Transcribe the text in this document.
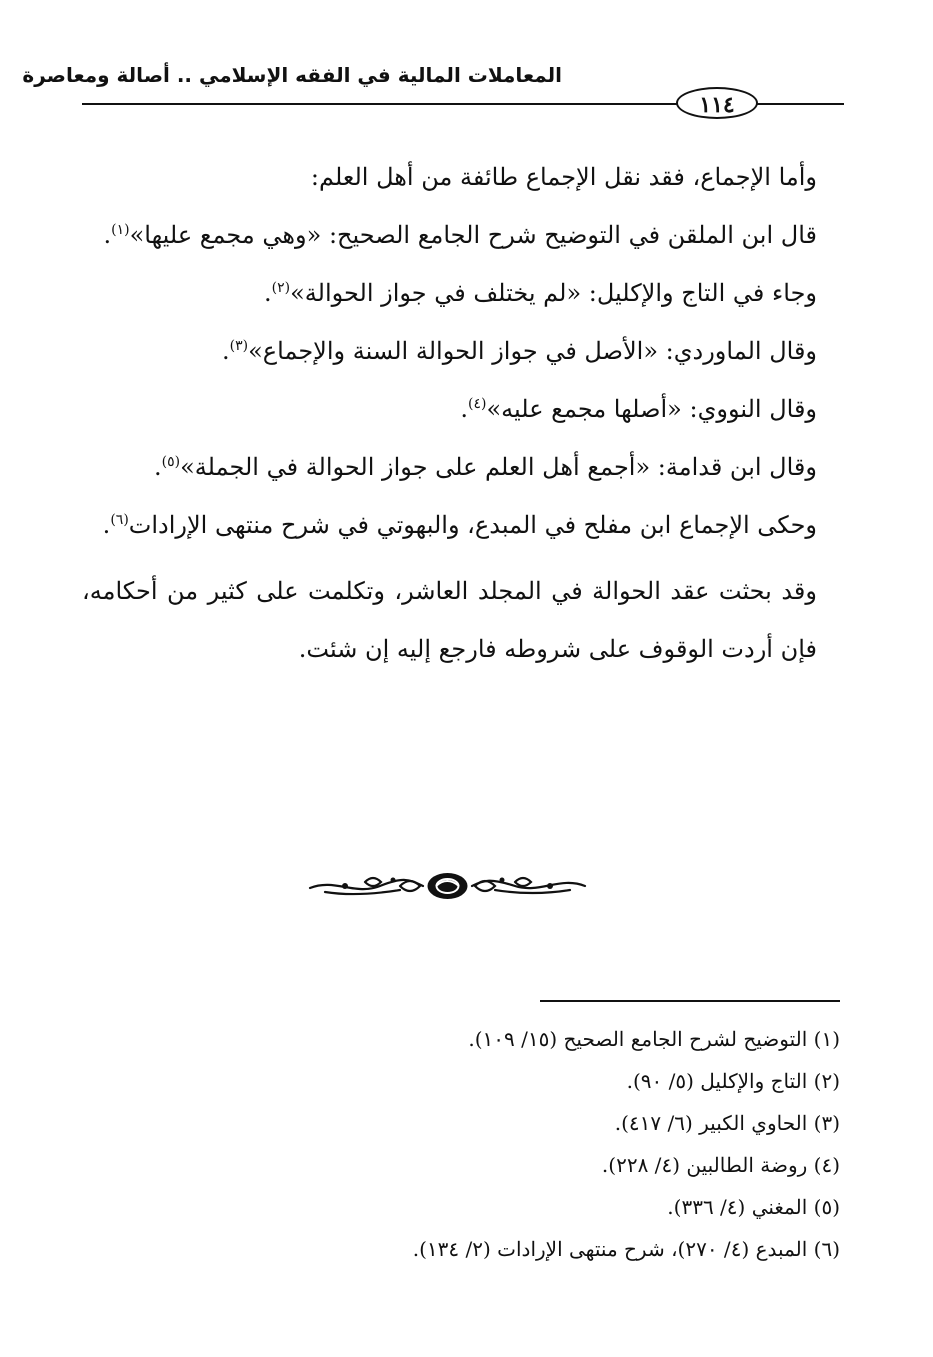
المعاملات المالية في الفقه الإسلامي .. أصالة ومعاصرة
١١٤

وأما الإجماع، فقد نقل الإجماع طائفة من أهل العلم:

قال ابن الملقن في التوضيح شرح الجامع الصحيح: «وهي مجمع عليها»$^{(١)}$.

وجاء في التاج والإكليل: «لم يختلف في جواز الحوالة»$^{(٢)}$.

وقال الماوردي: «الأصل في جواز الحوالة السنة والإجماع»$^{(٣)}$.

وقال النووي: «أصلها مجمع عليه»$^{(٤)}$.

وقال ابن قدامة: «أجمع أهل العلم على جواز الحوالة في الجملة»$^{(٥)}$.

وحكى الإجماع ابن مفلح في المبدع، والبهوتي في شرح منتهى الإرادات$^{(٦)}$.

وقد بحثت عقد الحوالة في المجلد العاشر، وتكلمت على كثير من أحكامه، فإن أردت الوقوف على شروطه فارجع إليه إن شئت.

(١) التوضيح لشرح الجامع الصحيح (١٥/ ١٠٩).

(٢) التاج والإكليل (٥/ ٩٠).

(٣) الحاوي الكبير (٦/ ٤١٧).

(٤) روضة الطالبين (٤/ ٢٢٨).

(٥) المغني (٤/ ٣٣٦).

(٦) المبدع (٤/ ٢٧٠)، شرح منتهى الإرادات (٢/ ١٣٤).
